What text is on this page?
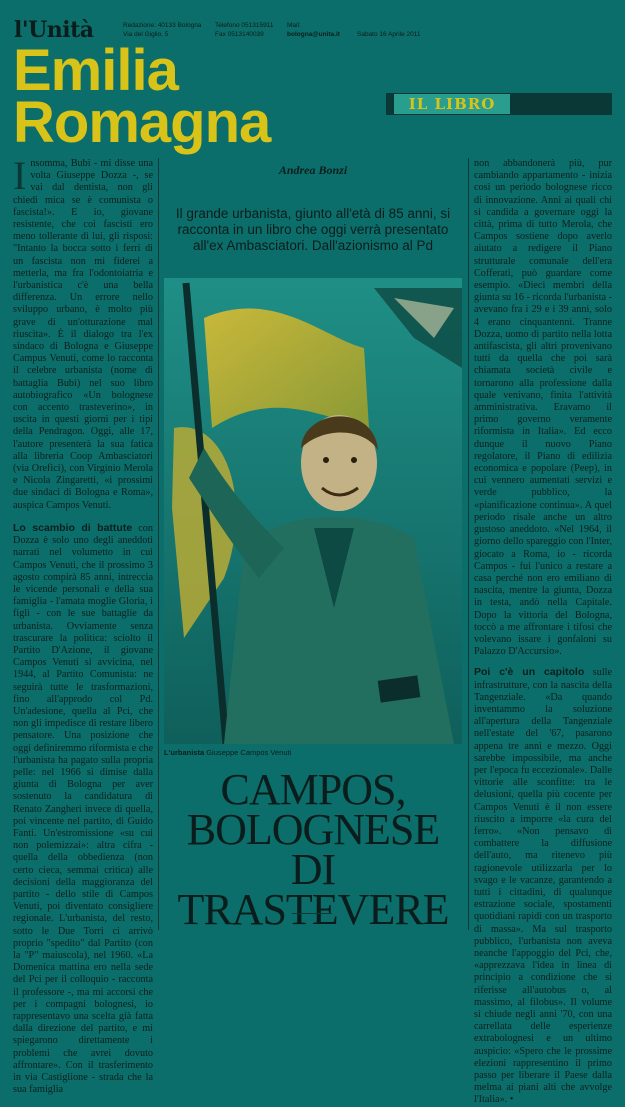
l'Unità	Redazione: 40133 Bologna
Via del Giglio, 5
Telefono 051315911
Fax 0513140039
Mail:
bologna@unita.it	Sabato 16 Aprile 2011
Emilia
Romagna	IL LIBRO
I nsomma, Bubi - mi disse una volta Giuseppe Dozza -, se vai dal dentista, non gli chiedi mica se è comunista o fascista!». E io, giovane resistente, che coi fascisti ero meno tollerante di lui, gli risposi: "Intanto la bocca sotto i ferri di un fascista non mi fiderei a metterla, ma fra l'odontoiatria e l'urbanistica c'è una bella differenza. Un errore nello sviluppo urbano, è molto più grave di un'otturazione mal riuscita». È il dialogo tra l'ex sindaco di Bologna e Giuseppe Campus Venuti, come lo racconta il celebre urbanista (nome di battaglia Bubi) nel suo libro autobiografico «Un bolognese con accento trasteverino», in uscita in questi giorni per i tipi della Pendragon. Oggi, alle 17, l'autore presenterà la sua fatica alla libreria Coop Ambasciatori (via Orefici), con Virginio Merola e Nicola Zingaretti, «i prossimi due sindaci di Bologna e Roma», auspica Campos Venuti.

Lo scambio di battute con Dozza è solo uno degli aneddoti narrati nel volumetto in cui Campos Venuti, che il prossimo 3 agosto compirà 85 anni, intreccia le vicende personali e della sua famiglia - l'amata moglie Gloria, i figli - con le sue battaglie da urbanista. Ovviamente senza trascurare la politica: sciolto il Partito D'Azione, il giovane Campos Venuti si avvicina, nel 1944, al Partito Comunista: ne seguirà tutte le trasformazioni, fino all'approdo col Pd. Un'adesione, quella al Pci, che non gli impedisce di restare libero pensatore. Una posizione che oggi definiremmo riformista e che l'urbanista ha pagato sulla propria pelle: nel 1966 si dimise dalla giunta di Bologna per aver sostenuto la candidatura di Renato Zangheri invece di quella, poi vincente nel partito, di Guido Fanti. Un'estromissione «su cui non polemizzai»: altra cifra - quella della obbedienza (non certo cieca, semmai critica) alle decisioni della maggioranza del partito - dello stile di Campos Venuti, poi diventato consigliere regionale. L'urbanista, del resto, sotto le Due Torri ci arrivò proprio "spedito" dal Partito (con la "P" maiuscola), nel 1960. «La Domenica mattina ero nella sede del Pci per il colloquio - racconta il professore -, ma mi accorsi che per i compagni bolognesi, io rappresentavo una scelta già fatta dalla direzione del partito, e mi spiegarono direttamente i problemi che avrei dovuto affrontare». Con il trasferimento in via Castiglione - strada che la sua famiglia

Andrea Bonzi
Il grande urbanista, giunto all'età di 85 anni, si racconta in un libro che oggi verrà presentato all'ex Ambasciatori. Dall'azionismo al Pd
L'urbanista Giuseppe Campos Venuti
CAMPOS,
BOLOGNESE
DI TRASTEVERE

non abbandonerà più, pur cambiando appartamento - inizia così un periodo bolognese ricco di innovazione. Anni ai quali chi si candida a governare oggi la città, prima di tutto Merola, che Campos sostiene dopo averlo aiutato a redigere il Piano strutturale comunale dell'era Cofferati, può guardare come esempio. «Dieci membri della giunta su 16 - ricorda l'urbanista - avevano fra i 29 e i 39 anni, solo 4 erano cinquantenni. Tranne Dozza, uomo di partito nella lotta antifascista, gli altri provenivano tutti da quella che poi sarà chiamata società civile e tornarono alla professione dalla quale venivano, finita l'attività amministrativa. Eravamo il primo governo veramente riformista in Italia». Ed ecco dunque il nuovo Piano regolatore, il Piano di edilizia economica e popolare (Peep), in cui vennero aumentati servizi e verde pubblico, la «pianificazione continua». A quel periodo risale anche un altro gustoso aneddoto. «Nel 1964, il giorno dello spareggio con l'Inter, giocato a Roma, io - ricorda Campos - fui l'unico a restare a casa perché non ero emiliano di nascita, mentre la giunta, Dozza in testa, andò nella Capitale. Dopo la vittoria del Bologna, toccò a me affrontare i tifosi che volevano issare i gonfaloni su Palazzo D'Accursio».

Poi c'è un capitolo sulle infrastrutture, con la nascita della Tangenziale. «Da quando inventammo la soluzione all'apertura della Tangenziale nell'estate del '67, pasarono appena tre anni e mezzo. Oggi sarebbe impossibile, ma anche per l'epoca fu eccezionale». Dalle vittorie alle sconfitte: tra le delusioni, quella più cocente per Campos Venuti è il non essere riuscito a imporre «la cura del ferro». «Non pensavo di combattere la diffusione dell'auto, ma ritenevo più ragionevole utilizzarla per lo svago e le vacanze, garantendo a tutti i cittadini, di qualunque estrazione sociale, spostamenti quotidiani rapidi con un trasporto di massa». Ma sul trasporto pubblico, l'urbanista non aveva neanche l'appoggio del Pci, che, «apprezzava l'idea in linea di principio a condizione che si riferisse all'autobus o, al massimo, al filobus». Il volume si chiude negli anni '70, con una carrellata delle esperienze extrabolognesi e un ultimo auspicio: «Spero che le prossime elezioni rappresentino il primo passo per liberare il Paese dalla melma ai piani alti che avvolge l'Italia». •
